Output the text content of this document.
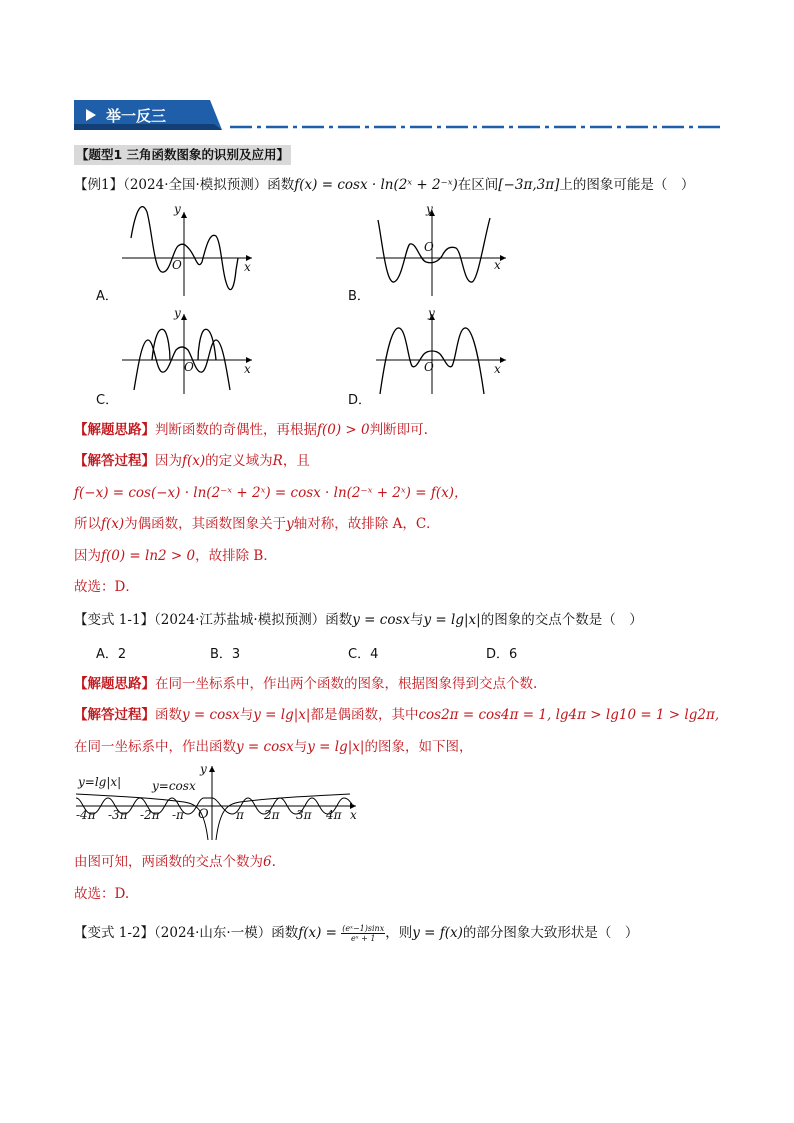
举一反三
【题型1 三角函数图象的识别及应用】
【例1】（2024·全国·模拟预测）函数f(x) = cosx · ln(2ˣ + 2⁻ˣ)在区间[−3π,3π]上的图象可能是（　）
y
x
O
A．
y
x
O
B．
y
x
O
C．
y
x
O
D．
【解题思路】判断函数的奇偶性，再根据f(0) > 0判断即可.
【解答过程】因为f(x)的定义域为R，且
f(−x) = cos(−x) · ln(2⁻ˣ + 2ˣ) = cosx · ln(2⁻ˣ + 2ˣ) = f(x)，
所以f(x)为偶函数，其函数图象关于y轴对称，故排除 A，C．
因为f(0) = ln2 > 0，故排除 B．
故选：D．
【变式 1-1】（2024·江苏盐城·模拟预测）函数y = cosx与y = lg|x|的图象的交点个数是（　）
A．2	B．3	C．4	D．6
【解题思路】在同一坐标系中，作出两个函数的图象，根据图象得到交点个数.
【解答过程】函数y = cosx与y = lg|x|都是偶函数，其中cos2π = cos4π = 1, lg4π > lg10 = 1 > lg2π,
在同一坐标系中，作出函数y = cosx与y = lg|x|的图象，如下图，
y=lg|x|	y=cosx
y
x
O
-4π -3π -2π -π	π 2π 3π 4π
由图可知，两函数的交点个数为6.
故选：D.
【变式 1-2】（2024·山东·一模）函数$f(x) = \frac{\text{(eˣ−1)sinx}}{\text{eˣ + 1}}$ ，则y = f(x)的部分图象大致形状是（　）
